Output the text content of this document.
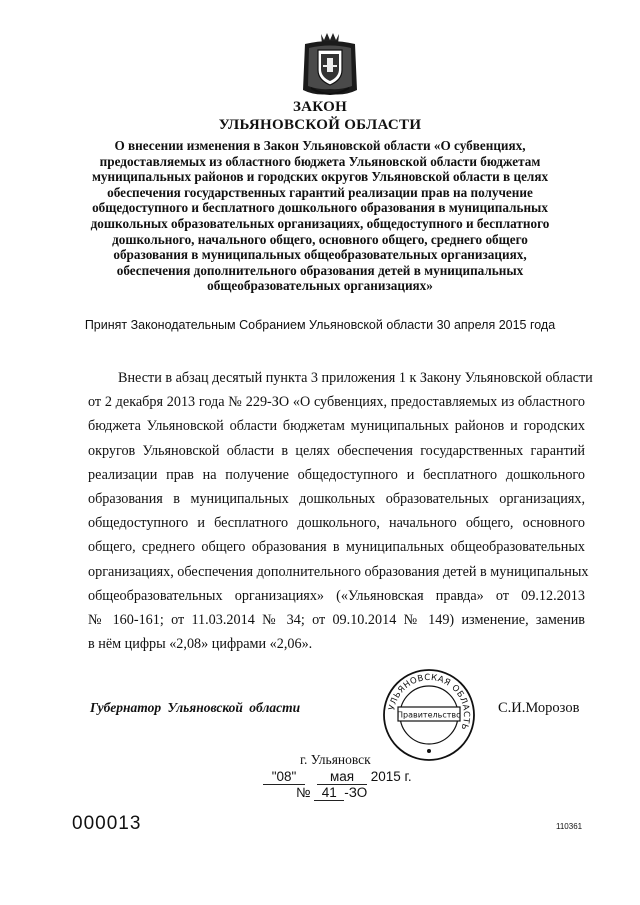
ЗАКОН
УЛЬЯНОВСКОЙ ОБЛАСТИ
О внесении изменения в Закон Ульяновской области «О субвенциях,
предоставляемых из областного бюджета Ульяновской области бюджетам
муниципальных районов и городских округов Ульяновской области в целях
обеспечения государственных гарантий реализации прав на получение
общедоступного и бесплатного дошкольного образования в муниципальных
дошкольных образовательных организациях, общедоступного и бесплатного
дошкольного, начального общего, основного общего, среднего общего
образования в муниципальных общеобразовательных организациях,
обеспечения дополнительного образования детей в муниципальных
общеобразовательных организациях»
Принят Законодательным Собранием Ульяновской области 30 апреля 2015 года
Внести в абзац десятый пункта 3 приложения 1 к Закону Ульяновской области
от 2 декабря 2013 года № 229-ЗО «О субвенциях, предоставляемых из областного
бюджета Ульяновской области бюджетам муниципальных районов и городских
округов Ульяновской области в целях обеспечения государственных гарантий
реализации прав на получение общедоступного и бесплатного дошкольного
образования в муниципальных дошкольных образовательных организациях,
общедоступного и бесплатного дошкольного, начального общего, основного
общего, среднего общего образования в муниципальных общеобразовательных
организациях, обеспечения дополнительного образования детей в муниципальных
общеобразовательных организациях» («Ульяновская правда» от 09.12.2013
№ 160-161; от 11.03.2014 № 34; от 09.10.2014 № 149) изменение, заменив
в нём цифры «2,08» цифрами «2,06».
Губернатор Ульяновской области	С.И.Морозов
УЛЬЯНОВСКАЯ ОБЛАСТЬ
Правительство
г. Ульяновск
"08" мая 2015 г.
№ 41 -ЗО
000013	110361
